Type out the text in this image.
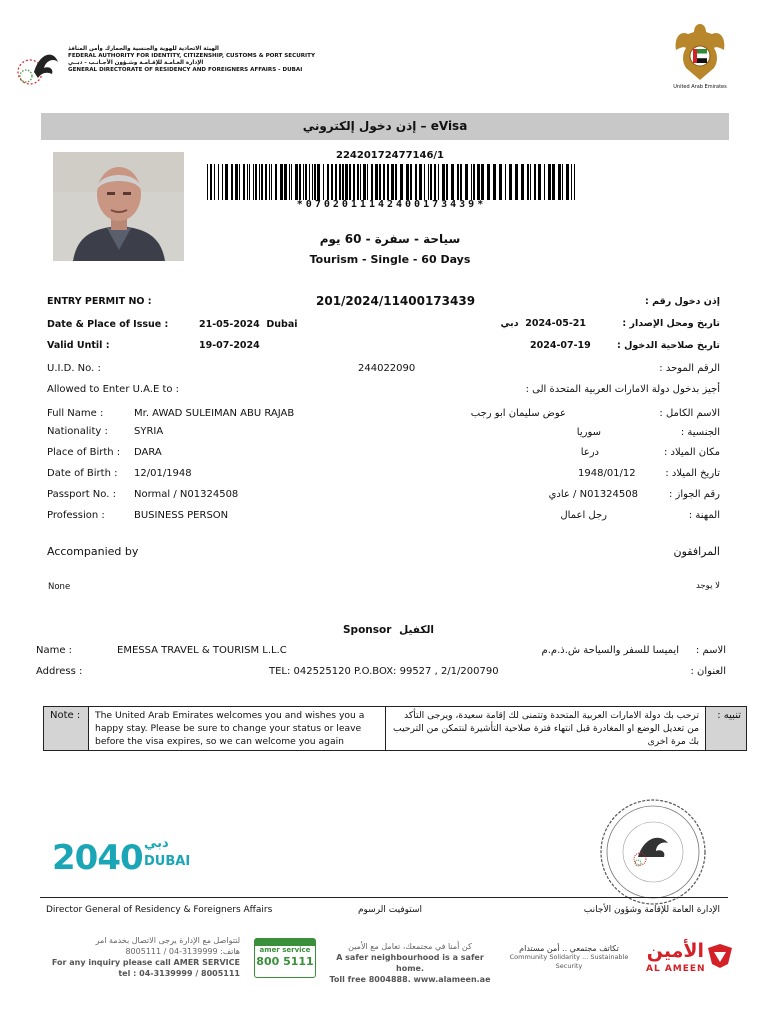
الهيئة الاتحادية للهوية والجنسية والجمارك وأمن المنافذ
FEDERAL AUTHORITY FOR IDENTITY, CITIZENSHIP, CUSTOMS & PORT SECURITY
الإدارة العـامـة للإقـامـة وشـؤون الأجـانـب - دبــي
GENERAL DIRECTORATE OF RESIDENCY AND FOREIGNERS AFFAIRS - DUBAI
United Arab Emirates
إذن دخول إلكتروني – eVisa
22420172477146/1
*0702011142400173439*
سياحة - سفرة - 60 يوم
Tourism - Single - 60 Days
ENTRY PERMIT NO :	201/2024/11400173439	إذن دخول رقم :
Date & Place of Issue :	21-05-2024  Dubai	2024-05-21  دبي	تاريخ ومحل الإصدار :
Valid Until :	19-07-2024	2024-07-19	تاريخ صلاحية الدخول :
U.I.D. No. :	244022090	الرقم الموحد :
Allowed to Enter U.A.E to :	أجيز بدخول دولة الامارات العربية المتحدة الى :
Full Name :	Mr. AWAD SULEIMAN ABU RAJAB	عوض سليمان ابو رجب	الاسم الكامل :
Nationality :	SYRIA	سوريا	الجنسية :
Place of Birth : DARA	درعا	مكان الميلاد :
Date of Birth : 12/01/1948	1948/01/12	تاريخ الميلاد :
Passport No. : Normal / N01324508	N01324508 / عادي	رقم الجواز :
Profession :	BUSINESS PERSON	رجل اعمال	المهنة :
Accompanied by	المرافقون
None	لا يوجد
Sponsor الكفيل
Name :	EMESSA TRAVEL & TOURISM L.L.C	ايميسا للسفر والسياحة ش.ذ.م.م الاسم :
Address :	TEL: 042525120 P.O.BOX: 99527 , 2/1/200790	العنوان :
Note :	The United Arab Emirates welcomes you and wishes you a happy stay. Please be sure to change your status or leave before the visa expires, so we can welcome you again
ترحب بك دولة الامارات العربية المتحدة وتتمنى لك إقامة سعيدة، ويرجى التأكد من تعديل الوضع او المغادرة قبل انتهاء فترة صلاحية التأشيرة لنتمكن من الترحيب بك مرة اخرى
تنبيه :
2040 دبي
DUBAI
Director General of Residency & Foreigners Affairs	استوفيت الرسوم	الإدارة العامة للإقامة وشؤون الأجانب
لتتواصل مع الإدارة يرجى الاتصال بخدمة امر
هاتف: 3139999-04 / 8005111
For any inquiry please call AMER SERVICE
tel : 04-3139999 / 8005111
amer service
800 5111
كن أمنا في مجتمعك، تعامل مع الأمين
A safer neighbourhood is a safer home.
Toll free 8004888. www.alameen.ae
تكاتف مجتمعي .. أمن مستدام
Community Solidarity ... Sustainable Security
الأمين
AL AMEEN
